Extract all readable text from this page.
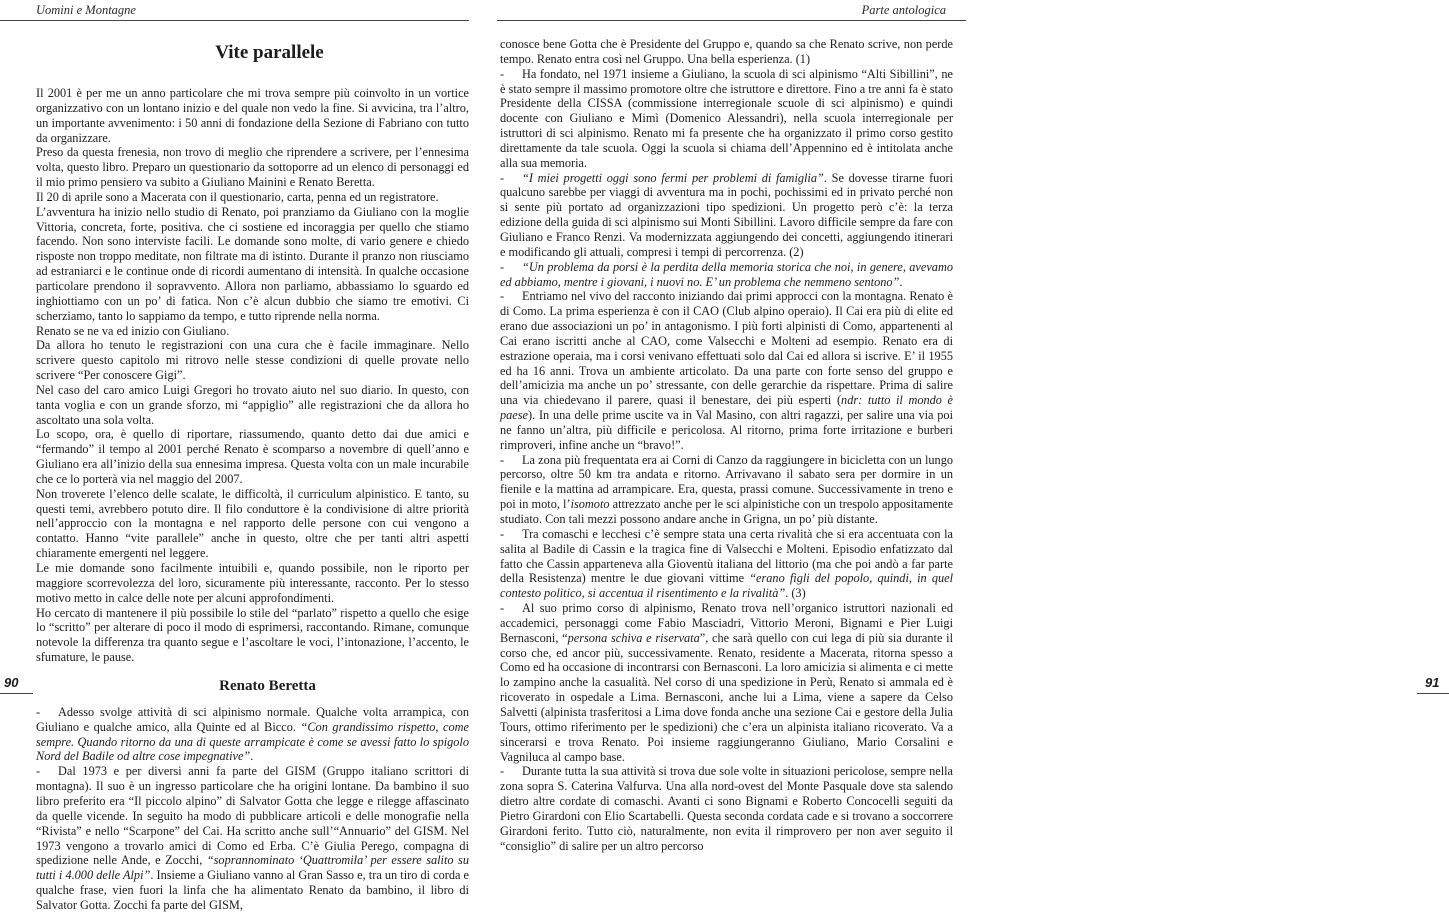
Uomini e Montagne
Vite parallele

Il 2001 è per me un anno particolare che mi trova sempre più coinvolto in un vortice organizzativo con un lontano inizio e del quale non vedo la fine. Si avvicina, tra l’altro, un importante avvenimento: i 50 anni di fondazione della Sezione di Fabriano con tutto da organizzare.

Preso da questa frenesia, non trovo di meglio che riprendere a scrivere, per l’ennesima volta, questo libro. Preparo un questionario da sottoporre ad un elenco di personaggi ed il mio primo pensiero va subito a Giuliano Mainini e Renato Beretta.

Il 20 di aprile sono a Macerata con il questionario, carta, penna ed un registratore.

L’avventura ha inizio nello studio di Renato, poi pranziamo da Giuliano con la moglie Vittoria, concreta, forte, positiva. che ci sostiene ed incoraggia per quello che stiamo facendo. Non sono interviste facili. Le domande sono molte, di vario genere e chiedo risposte non troppo meditate, non filtrate ma di istinto. Durante il pranzo non riusciamo ad estraniarci e le continue onde di ricordi aumentano di intensità. In qualche occasione particolare prendono il sopravvento. Allora non parliamo, abbassiamo lo sguardo ed inghiottiamo con un po’ di fatica. Non c’è alcun dubbio che siamo tre emotivi. Ci scherziamo, tanto lo sappiamo da tempo, e tutto riprende nella norma.

Renato se ne va ed inizio con Giuliano.

Da allora ho tenuto le registrazioni con una cura che è facile immaginare. Nello scrivere questo capitolo mi ritrovo nelle stesse condizioni di quelle provate nello scrivere “Per conoscere Gigi”.

Nel caso del caro amico Luigi Gregori ho trovato aiuto nel suo diario. In questo, con tanta voglia e con un grande sforzo, mi “appiglio” alle registrazioni che da allora ho ascoltato una sola volta.

Lo scopo, ora, è quello di riportare, riassumendo, quanto detto dai due amici e “fermando” il tempo al 2001 perché Renato è scomparso a novembre di quell’anno e Giuliano era all’inizio della sua ennesima impresa. Questa volta con un male incurabile che ce lo porterà via nel maggio del 2007.

Non troverete l’elenco delle scalate, le difficoltà, il curriculum alpinistico. E tanto, su questi temi, avrebbero potuto dire. Il filo conduttore è la condivisione di altre priorità nell’approccio con la montagna e nel rapporto delle persone con cui vengono a contatto. Hanno “vite parallele” anche in questo, oltre che per tanti altri aspetti chiaramente emergenti nel leggere.

Le mie domande sono facilmente intuibili e, quando possibile, non le riporto per maggiore scorrevolezza del loro, sicuramente più interessante, racconto. Per lo stesso motivo metto in calce delle note per alcuni approfondimenti.

Ho cercato di mantenere il più possibile lo stile del “parlato” rispetto a quello che esige lo “scritto” per alterare di poco il modo di esprimersi, raccontando. Rimane, comunque notevole la differenza tra quanto segue e l’ascoltare le voci, l’intonazione, l’accento, le sfumature, le pause.

Renato Beretta

- Adesso svolge attività di sci alpinismo normale. Qualche volta arrampica, con Giuliano e qualche amico, alla Quinte ed al Bicco. “Con grandissimo rispetto, come sempre. Quando ritorno da una di queste arrampicate è come se avessi fatto lo spigolo Nord del Badile od altre cose impegnative”.

- Dal 1973 e per diversi anni fa parte del GISM (Gruppo italiano scrittori di montagna). Il suo è un ingresso particolare che ha origini lontane. Da bambino il suo libro preferito era “Il piccolo alpino” di Salvator Gotta che legge e rilegge affascinato da quelle vicende. In seguito ha modo di pubblicare articoli e delle monografie nella “Rivista” e nello “Scarpone” del Cai. Ha scritto anche sull’“Annuario” del GISM. Nel 1973 vengono a trovarlo amici di Como ed Erba. C’è Giulia Perego, compagna di spedizione nelle Ande, e Zocchi, “soprannominato ‘Quattromila’ per essere salito su tutti i 4.000 delle Alpi”. Insieme a Giuliano vanno al Gran Sasso e, tra un tiro di corda e qualche frase, vien fuori la linfa che ha alimentato Renato da bambino, il libro di Salvator Gotta. Zocchi fa parte del GISM,

90
Parte antologica

conosce bene Gotta che è Presidente del Gruppo e, quando sa che Renato scrive, non perde tempo. Renato entra così nel Gruppo. Una bella esperienza. (1)

- Ha fondato, nel 1971 insieme a Giuliano, la scuola di sci alpinismo “Alti Sibillini”, ne è stato sempre il massimo promotore oltre che istruttore e direttore. Fino a tre anni fa è stato Presidente della CISSA (commissione interregionale scuole di sci alpinismo) e quindi docente con Giuliano e Mimì (Domenico Alessandri), nella scuola interregionale per istruttori di sci alpinismo. Renato mi fa presente che ha organizzato il primo corso gestito direttamente da tale scuola. Oggi la scuola si chiama dell’Appennino ed è intitolata anche alla sua memoria.

- “I miei progetti oggi sono fermi per problemi di famiglia”. Se dovesse tirarne fuori qualcuno sarebbe per viaggi di avventura ma in pochi, pochissimi ed in privato perché non si sente più portato ad organizzazioni tipo spedizioni. Un progetto però c’è: la terza edizione della guida di sci alpinismo sui Monti Sibillini. Lavoro difficile sempre da fare con Giuliano e Franco Renzi. Va modernizzata aggiungendo dei concetti, aggiungendo itinerari e modificando gli attuali, compresi i tempi di percorrenza. (2)

- “Un problema da porsi è la perdita della memoria storica che noi, in genere, avevamo ed abbiamo, mentre i giovani, i nuovi no. E’ un problema che nemmeno sentono”.

- Entriamo nel vivo del racconto iniziando dai primi approcci con la montagna. Renato è di Como. La prima esperienza è con il CAO (Club alpino operaio). Il Cai era più di elite ed erano due associazioni un po’ in antagonismo. I più forti alpinisti di Como, appartenenti al Cai erano iscritti anche al CAO, come Valsecchi e Molteni ad esempio. Renato era di estrazione operaia, ma i corsi venivano effettuati solo dal Cai ed allora si iscrive. E’ il 1955 ed ha 16 anni. Trova un ambiente articolato. Da una parte con forte senso del gruppo e dell’amicizia ma anche un po’ stressante, con delle gerarchie da rispettare. Prima di salire una via chiedevano il parere, quasi il benestare, dei più esperti (ndr: tutto il mondo è paese). In una delle prime uscite va in Val Masino, con altri ragazzi, per salire una via poi ne fanno un’altra, più difficile e pericolosa. Al ritorno, prima forte irritazione e burberi rimproveri, infine anche un “bravo!”.

- La zona più frequentata era ai Corni di Canzo da raggiungere in bicicletta con un lungo percorso, oltre 50 km tra andata e ritorno. Arrivavano il sabato sera per dormire in un fienile e la mattina ad arrampicare. Era, questa, prassi comune. Successivamente in treno e poi in moto, l’isomoto attrezzato anche per le sci alpinistiche con un trespolo appositamente studiato. Con tali mezzi possono andare anche in Grigna, un po’ più distante.

- Tra comaschi e lecchesi c’è sempre stata una certa rivalità che si era accentuata con la salita al Badile di Cassin e la tragica fine di Valsecchi e Molteni. Episodio enfatizzato dal fatto che Cassin apparteneva alla Gioventù italiana del littorio (ma che poi andò a far parte della Resistenza) mentre le due giovani vittime “erano figli del popolo, quindi, in quel contesto politico, si accentua il risentimento e la rivalità”. (3)

- Al suo primo corso di alpinismo, Renato trova nell’organico istruttori nazionali ed accademici, personaggi come Fabio Masciadri, Vittorio Meroni, Bignami e Pier Luigi Bernasconi, “persona schiva e riservata”, che sarà quello con cui lega di più sia durante il corso che, ed ancor più, successivamente. Renato, residente a Macerata, ritorna spesso a Como ed ha occasione di incontrarsi con Bernasconi. La loro amicizia si alimenta e ci mette lo zampino anche la casualità. Nel corso di una spedizione in Perù, Renato si ammala ed è ricoverato in ospedale a Lima. Bernasconi, anche lui a Lima, viene a sapere da Celso Salvetti (alpinista trasferitosi a Lima dove fonda anche una sezione Cai e gestore della Julia Tours, ottimo riferimento per le spedizioni) che c’era un alpinista italiano ricoverato. Va a sincerarsi e trova Renato. Poi insieme raggiungeranno Giuliano, Mario Corsalini e Vagniluca al campo base.

- Durante tutta la sua attività si trova due sole volte in situazioni pericolose, sempre nella zona sopra S. Caterina Valfurva. Una alla nord-ovest del Monte Pasquale dove sta salendo dietro altre cordate di comaschi. Avanti ci sono Bignami e Roberto Concocelli seguiti da Pietro Girardoni con Elio Scartabelli. Questa seconda cordata cade e si trovano a soccorrere Girardoni ferito. Tutto ciò, naturalmente, non evita il rimprovero per non aver seguito il “consiglio” di salire per un altro percorso

91
